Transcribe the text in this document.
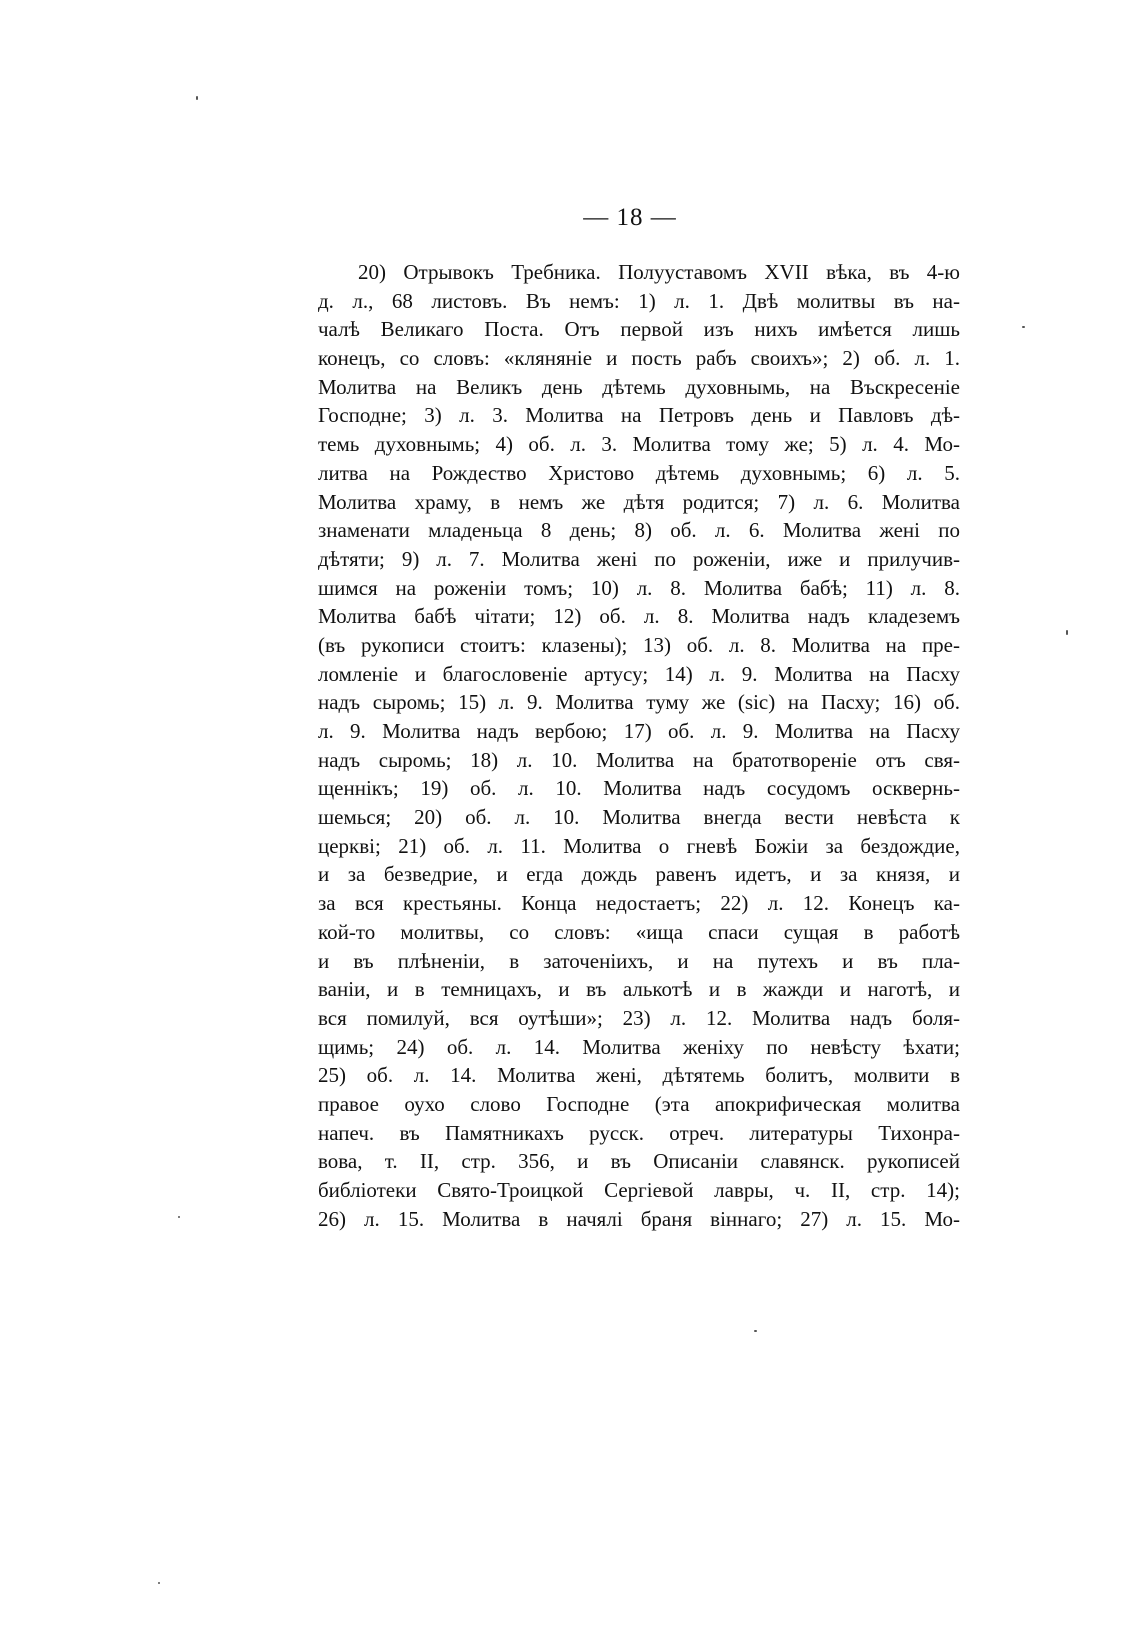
— 18 —
20) Отрывокъ Требника. Полууставомъ XVII вѣка, въ 4-ю
д. л., 68 листовъ. Въ немъ: 1) л. 1. Двѣ молитвы въ на-
чалѣ Великаго Поста. Отъ первой изъ нихъ имѣется лишь
конецъ, со словъ: «кляняніе и пость рабъ своихъ»; 2) об. л. 1.
Молитва на Великъ день дѣтемь духовнымь, на Въскресеніе
Господне; 3) л. 3. Молитва на Петровъ день и Павловъ дѣ-
темь духовнымь; 4) об. л. 3. Молитва тому же; 5) л. 4. Мо-
литва на Рождество Христово дѣтемь духовнымь; 6) л. 5.
Молитва храму, в немъ же дѣтя родится; 7) л. 6. Молитва
знаменати младеньца 8 день; 8) об. л. 6. Молитва жені по
дѣтяти; 9) л. 7. Молитва жені по роженіи, иже и прилучив-
шимся на роженіи томъ; 10) л. 8. Молитва бабѣ; 11) л. 8.
Молитва бабѣ чітати; 12) об. л. 8. Молитва надъ кладеземъ
(въ рукописи стоитъ: клазены); 13) об. л. 8. Молитва на пре-
ломленіе и благословеніе артусу; 14) л. 9. Молитва на Пасху
надъ сыромь; 15) л. 9. Молитва туму же (sic) на Пасху; 16) об.
л. 9. Молитва надъ вербою; 17) об. л. 9. Молитва на Пасху
надъ сыромь; 18) л. 10. Молитва на братотвореніе отъ свя-
щеннікъ; 19) об. л. 10. Молитва надъ сосудомъ осквернь-
шемься; 20) об. л. 10. Молитва внегда вести невѣста к
церкві; 21) об. л. 11. Молитва о гневѣ Божіи за бездождие,
и за безведрие, и егда дождь равенъ идетъ, и за князя, и
за вся крестьяны. Конца недостаетъ; 22) л. 12. Конецъ ка-
кой-то молитвы, со словъ: «ища спаси сущая в работѣ
и въ плѣненіи, в заточеніихъ, и на путехъ и въ пла-
ваніи, и в темницахъ, и въ алькотѣ и в жажди и наготѣ, и
вся помилуй, вся оутѣши»; 23) л. 12. Молитва надъ боля-
щимь; 24) об. л. 14. Молитва женіху по невѣсту ѣхати;
25) об. л. 14. Молитва жені, дѣтятемь болитъ, молвити в
правое оухо слово Господне (эта апокрифическая молитва
напеч. въ Памятникахъ русск. отреч. литературы Тихонра-
вова, т. II, стр. 356, и въ Описаніи славянск. рукописей
библіотеки Свято-Троицкой Сергіевой лавры, ч. II, стр. 14);
26) л. 15. Молитва в начялі браня віннаго; 27) л. 15. Мо-
